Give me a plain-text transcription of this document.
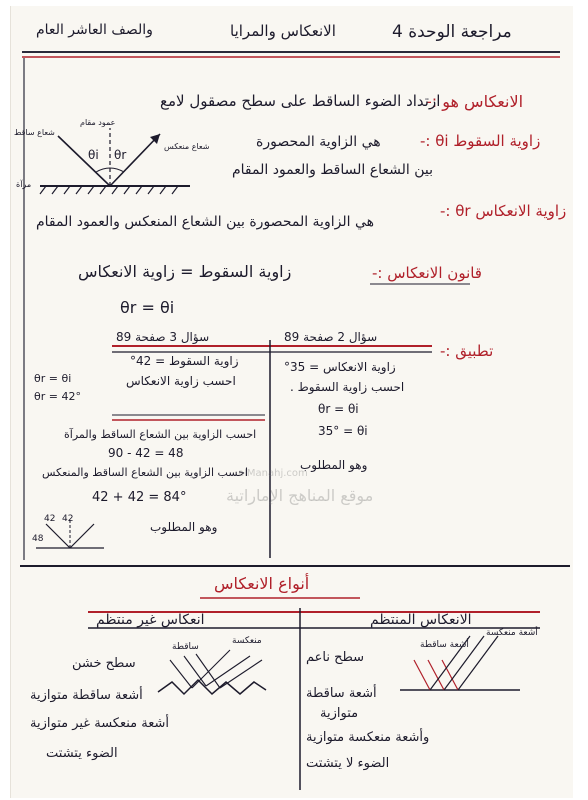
مراجعة الوحدة 4
الانعكاس والمرايا
والصف العاشر العام
الانعكاس هو :-
ارتداد الضوء الساقط على سطح مصقول لامع
عمود مقام
شعاع ساقط
شعاع منعكس
مرآة
θi θr
زاوية السقوط θi :-
هي الزاوية المحصورة
بين الشعاع الساقط والعمود المقام
زاوية الانعكاس θr :-
هي الزاوية المحصورة بين الشعاع المنعكس والعمود المقام
قانون الانعكاس :-
زاوية السقوط = زاوية الانعكاس
θr = θi
تطبيق :-
سؤال 3 صفحة 89	سؤال 2 صفحة 89
زاوية الانعكاس = 35°
احسب زاوية السقوط .
θr = θi
35° = θi
وهو المطلوب
زاوية السقوط = 42°
احسب زاوية الانعكاس
θr = θi
θr = 42°
احسب الزاوية بين الشعاع الساقط والمرآة
90 - 42 = 48
احسب الزاوية بين الشعاع الساقط والمنعكس
42 + 42 = 84°
وهو المطلوب
42 42
48
alManahj.com
موقع المناهج الإماراتية
أنواع الانعكاس
الانعكاس المنتظم
انعكاس غير منتظم
سطح ناعم
أشعة ساقطة
متوازية
وأشعة منعكسة متوازية
الضوء لا يتشتت
أشعة ساقطة
أشعة منعكسة
سطح خشن
أشعة ساقطة متوازية
أشعة منعكسة غير متوازية
الضوء يتشتت
ساقطة
منعكسة
